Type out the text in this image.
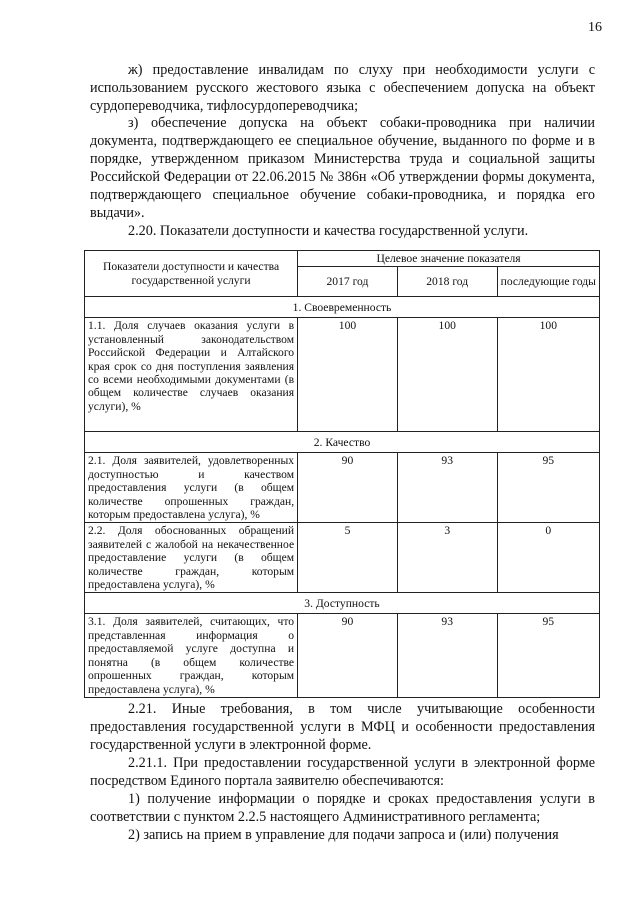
16

ж) предоставление инвалидам по слуху при необходимости услуги с использованием русского жестового языка с обеспечением допуска на объект сурдопереводчика, тифлосурдопереводчика;

з) обеспечение допуска на объект собаки-проводника при наличии документа, подтверждающего ее специальное обучение, выданного по форме и в порядке, утвержденном приказом Министерства труда и социальной защиты Российской Федерации от 22.06.2015 № 386н «Об утверждении формы документа, подтверждающего специальное обучение собаки-проводника, и порядка его выдачи».

2.20. Показатели доступности и качества государственной услуги.

Показатели доступности и качества государственной услуги	Целевое значение показателя		
	2017 год	2018 год	последующие годы
1. Своевременность			
1.1. Доля случаев оказания услуги в установленный законодательством Российской Федерации и Алтайского края срок со дня поступления заявления со всеми необходимыми документами (в общем количестве случаев оказания услуги), %	100	100	100
2. Качество			
2.1. Доля заявителей, удовлетворенных доступностью и качеством предоставления услуги (в общем количестве опрошенных граждан, которым предоставлена услуга), %	90	93	95
2.2. Доля обоснованных обращений заявителей с жалобой на некачественное предоставление услуги (в общем количестве граждан, которым предоставлена услуга), %	5	3	0
3. Доступность			
3.1. Доля заявителей, считающих, что представленная информация о предоставляемой услуге доступна и понятна (в общем количестве опрошенных граждан, которым предоставлена услуга), %	90	93	95

2.21. Иные требования, в том числе учитывающие особенности предоставления государственной услуги в МФЦ и особенности предоставления государственной услуги в электронной форме.

2.21.1. При предоставлении государственной услуги в электронной форме посредством Единого портала заявителю обеспечиваются:

1) получение информации о порядке и сроках предоставления услуги в соответствии с пунктом 2.2.5 настоящего Административного регламента;

2) запись на прием в управление для подачи запроса и (или) получения
